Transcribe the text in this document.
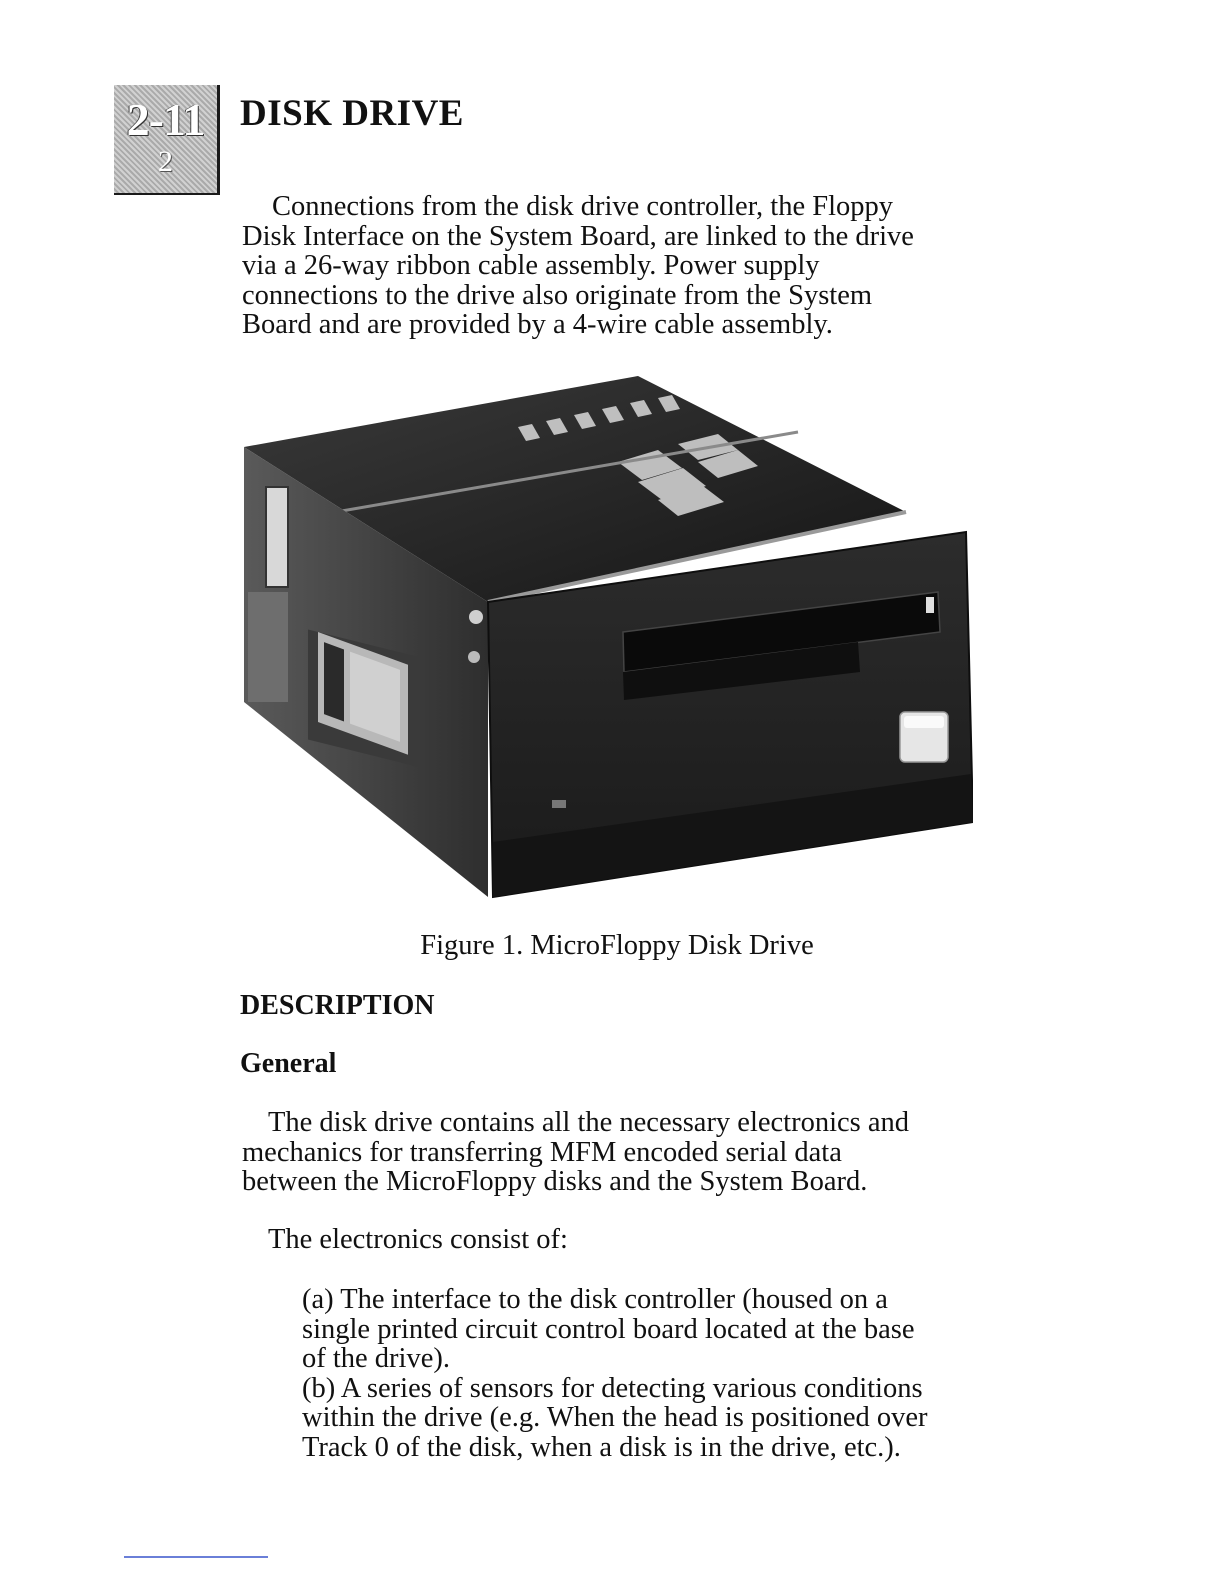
2-11
2
DISK DRIVE

Connections from the disk drive controller, the Floppy
Disk Interface on the System Board, are linked to the drive
via a 26-way ribbon cable assembly. Power supply
connections to the drive also originate from the System
Board and are provided by a 4-wire cable assembly.

Figure 1. MicroFloppy Disk Drive
DESCRIPTION
General

The disk drive contains all the necessary electronics and
mechanics for transferring MFM encoded serial data
between the MicroFloppy disks and the System Board.

The electronics consist of:

(a) The interface to the disk controller (housed on a
single printed circuit control board located at the base
of the drive).
(b) A series of sensors for detecting various conditions
within the drive (e.g. When the head is positioned over
Track 0 of the disk, when a disk is in the drive, etc.).
